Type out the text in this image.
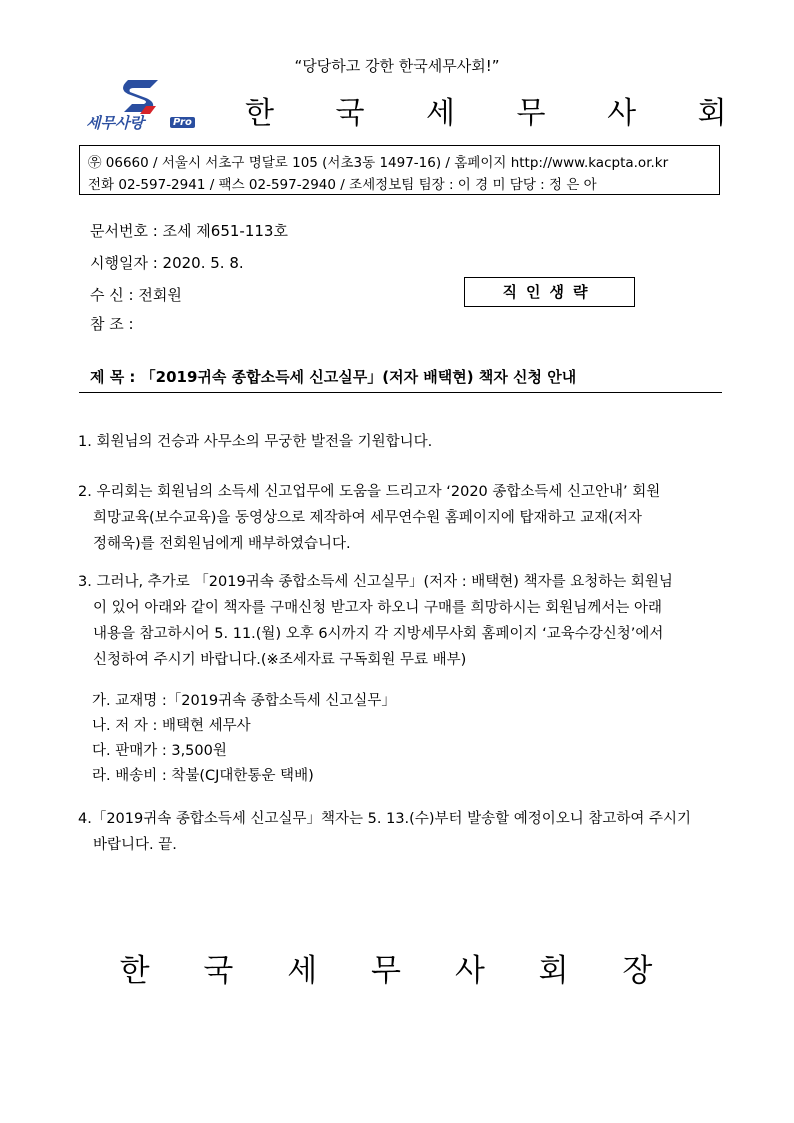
“당당하고 강한 한국세무사회!”
세무사랑	Pro 한 국 세 무 사 회
㉾ 06660 / 서울시 서초구 명달로 105 (서초3동 1497-16) / 홈페이지 http://www.kacpta.or.kr
전화 02-597-2941 / 팩스 02-597-2940 / 조세정보팀 팀장 : 이 경 미 담당 : 정 은 아
문서번호 : 조세 제651-113호
시행일자 : 2020. 5. 8.
수 신 : 전회원
참 조 :
직인생략
제 목 : 「2019귀속 종합소득세 신고실무」(저자 배택현) 책자 신청 안내
1. 회원님의 건승과 사무소의 무궁한 발전을 기원합니다.
2. 우리회는 회원님의 소득세 신고업무에 도움을 드리고자 ‘2020 종합소득세 신고안내’ 회원
희망교육(보수교육)을 동영상으로 제작하여 세무연수원 홈페이지에 탑재하고 교재(저자
정해욱)를 전회원님에게 배부하였습니다.
3. 그러나, 추가로 「2019귀속 종합소득세 신고실무」(저자 : 배택현) 책자를 요청하는 회원님
이 있어 아래와 같이 책자를 구매신청 받고자 하오니 구매를 희망하시는 회원님께서는 아래
내용을 참고하시어 5. 11.(월) 오후 6시까지 각 지방세무사회 홈페이지 ‘교육수강신청’에서
신청하여 주시기 바랍니다.(※조세자료 구독회원 무료 배부)
가. 교재명 :「2019귀속 종합소득세 신고실무」
나. 저 자 : 배택현 세무사
다. 판매가 : 3,500원
라. 배송비 : 착불(CJ대한통운 택배)
4.「2019귀속 종합소득세 신고실무」책자는 5. 13.(수)부터 발송할 예정이오니 참고하여 주시기
바랍니다. 끝.
한 국 세 무 사 회 장
